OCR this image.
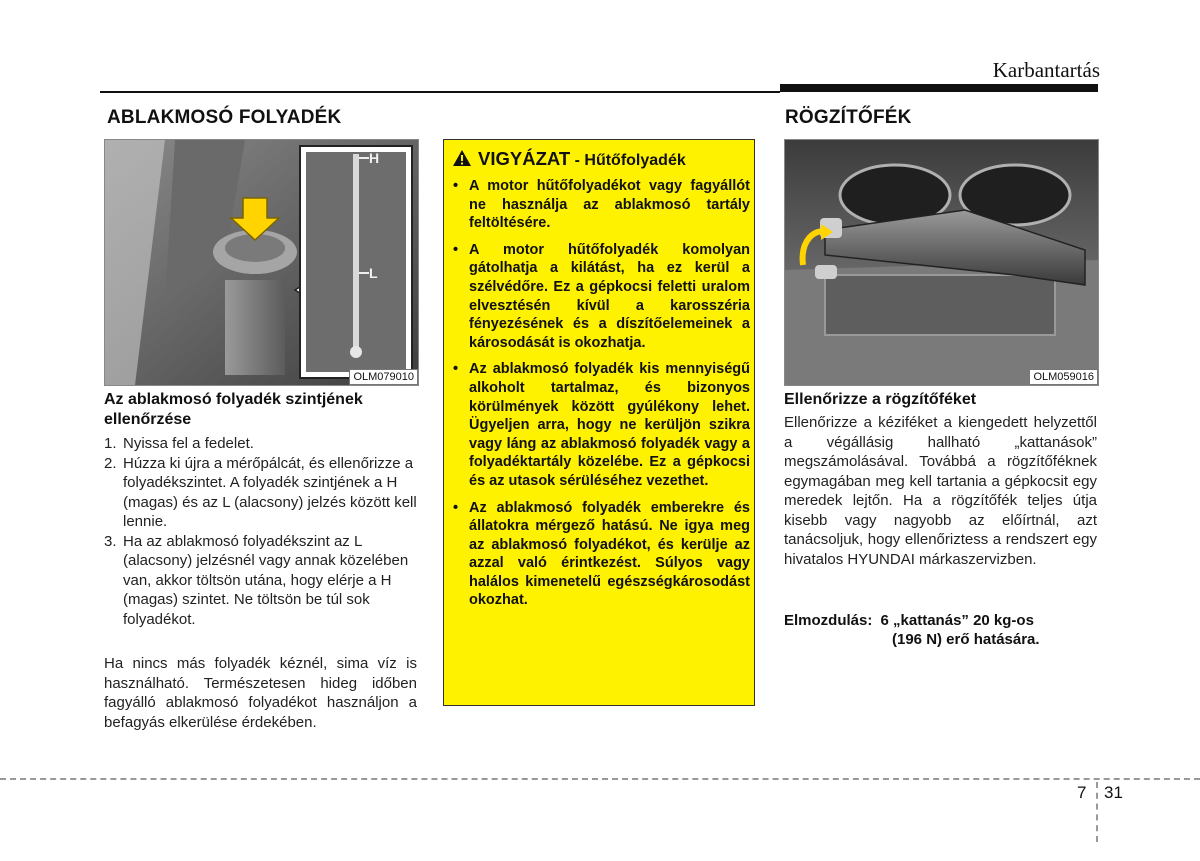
Karbantartás
ABLAKMOSÓ FOLYADÉK
H
L
OLM079010
Az ablakmosó folyadék szintjének ellenőrzése
1. Nyissa fel a fedelet.
2. Húzza ki újra a mérőpálcát, és ellenőrizze a folyadékszintet. A folyadék szintjének a H (magas) és az L (alacsony) jelzés között kell lennie.
3. Ha az ablakmosó folyadékszint az L (alacsony) jelzésnél vagy annak közelében van, akkor töltsön utána, hogy elérje a H (magas) szintet. Ne töltsön be túl sok folyadékot.
Ha nincs más folyadék kéznél, sima víz is használható. Természetesen hideg időben fagyálló ablakmosó folyadékot használjon a befagyás elkerülése érdekében.
VIGYÁZAT - Hűtőfolyadék
• A motor hűtőfolyadékot vagy fagyállót ne használja az ablakmosó tartály feltöltésére.
• A motor hűtőfolyadék komolyan gátolhatja a kilátást, ha ez kerül a szélvédőre. Ez a gépkocsi feletti uralom elvesztésén kívül a karosszéria fényezésének és a díszítőelemeinek a károsodását is okozhatja.
• Az ablakmosó folyadék kis mennyiségű alkoholt tartalmaz, és bizonyos körülmények között gyúlékony lehet. Ügyeljen arra, hogy ne kerüljön szikra vagy láng az ablakmosó folyadék vagy a folyadéktartály közelébe. Ez a gépkocsi és az utasok sérüléséhez vezethet.
• Az ablakmosó folyadék emberekre és állatokra mérgező hatású. Ne igya meg az ablakmosó folyadékot, és kerülje az azzal való érintkezést. Súlyos vagy halálos kimenetelű egészségkárosodást okozhat.
RÖGZÍTŐFÉK
OLM059016
Ellenőrizze a rögzítőféket
Ellenőrizze a kéziféket a kiengedett helyzettől a végállásig hallható „kattanások” megszámolásával. Továbbá a rögzítőféknek egymagában meg kell tartania a gépkocsit egy meredek lejtőn. Ha a rögzítőfék teljes útja kisebb vagy nagyobb az előírtnál, azt tanácsoljuk, hogy ellenőriztess a rendszert egy hivatalos HYUNDAI márkaszervizben.
Elmozdulás: 6 „kattanás” 20 kg-os
(196 N) erő hatására.
7 31
